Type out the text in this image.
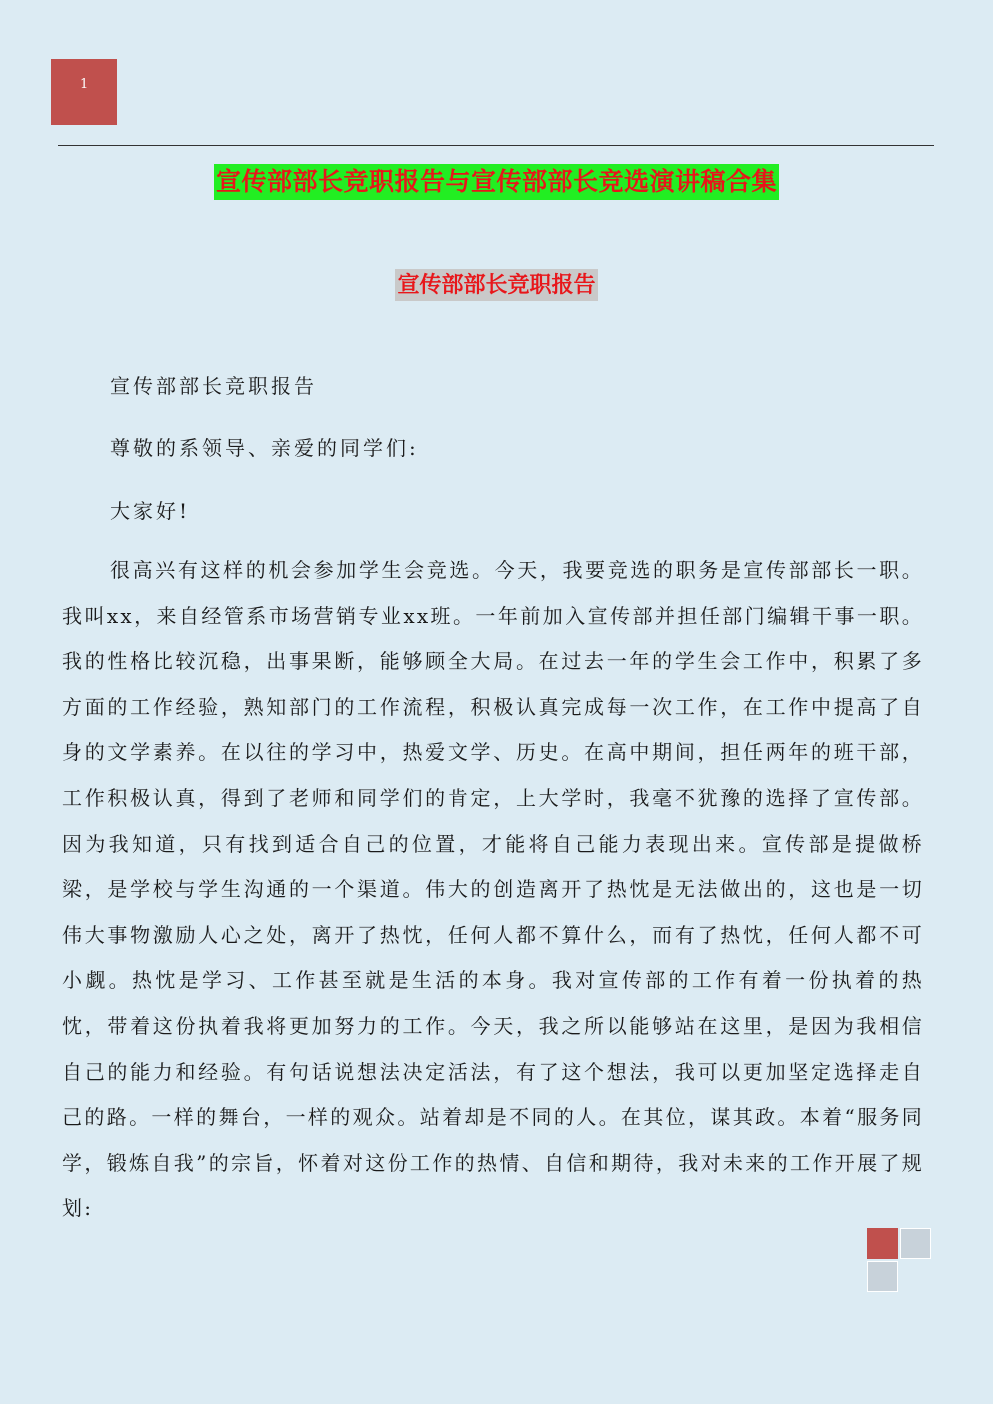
1
宣传部部长竞职报告与宣传部部长竞选演讲稿合集
宣传部部长竞职报告
宣传部部长竞职报告
尊敬的系领导、亲爱的同学们:
大家好!

很高兴有这样的机会参加学生会竞选。今天，我要竞选的职务是宣传部部长一职。我叫xx，来自经管系市场营销专业xx班。一年前加入宣传部并担任部门编辑干事一职。我的性格比较沉稳，出事果断，能够顾全大局。在过去一年的学生会工作中，积累了多方面的工作经验，熟知部门的工作流程，积极认真完成每一次工作，在工作中提高了自身的文学素养。在以往的学习中，热爱文学、历史。在高中期间，担任两年的班干部，工作积极认真，得到了老师和同学们的肯定，上大学时，我毫不犹豫的选择了宣传部。因为我知道，只有找到适合自己的位置，才能将自己能力表现出来。宣传部是提做桥梁，是学校与学生沟通的一个渠道。伟大的创造离开了热忱是无法做出的，这也是一切伟大事物激励人心之处，离开了热忱，任何人都不算什么，而有了热忱，任何人都不可小觑。热忱是学习、工作甚至就是生活的本身。我对宣传部的工作有着一份执着的热忱，带着这份执着我将更加努力的工作。今天，我之所以能够站在这里，是因为我相信自己的能力和经验。有句话说想法决定活法，有了这个想法，我可以更加坚定选择走自己的路。一样的舞台，一样的观众。站着却是不同的人。在其位，谋其政。本着“服务同学，锻炼自我”的宗旨，怀着对这份工作的热情、自信和期待，我对未来的工作开展了规划:
